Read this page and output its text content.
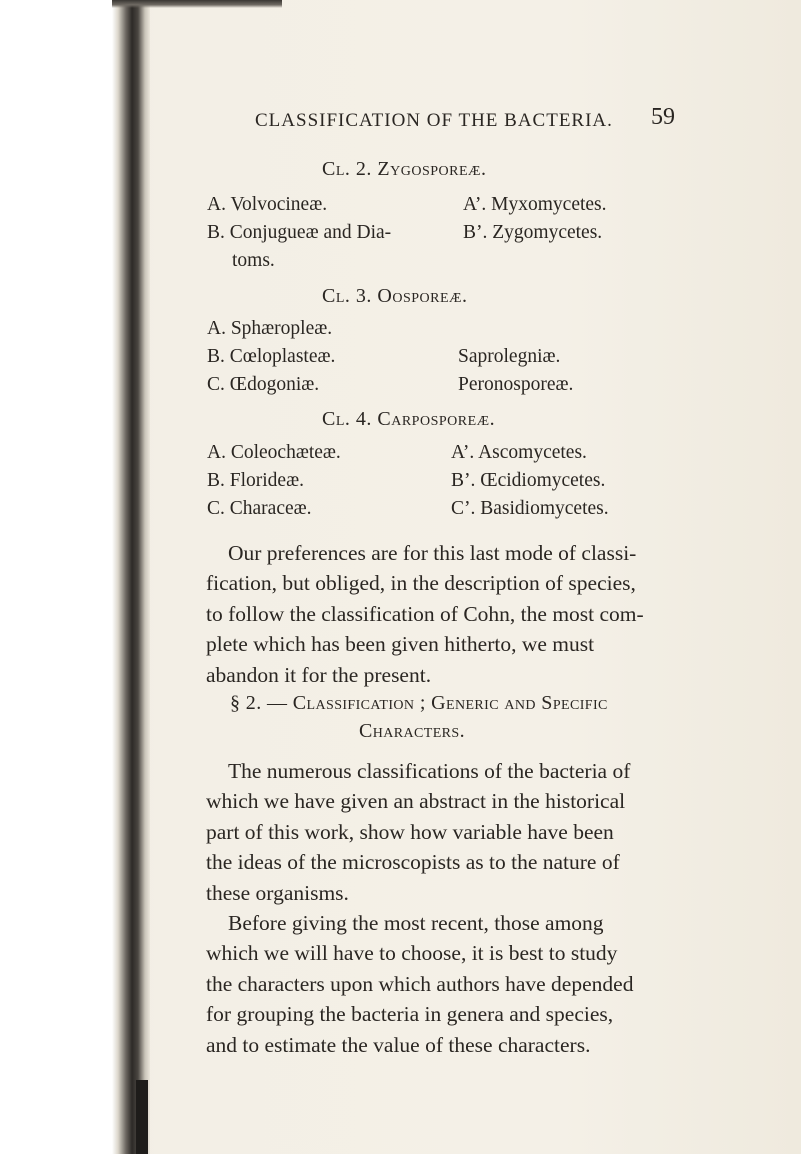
CLASSIFICATION OF THE BACTERIA. 59
Cl. 2. Zygosporeæ.
A. Volvocineæ.
B. Conjugueæ and Dia-
toms.
A’. Myxomycetes.
B’. Zygomycetes.
Cl. 3. Oosporeæ.
A. Sphæropleæ.
B. Cœloplasteæ.
C. Œdogoniæ.
Saprolegniæ.
Peronosporeæ.
Cl. 4. Carposporeæ.
A. Coleochæteæ.
B. Florideæ.
C. Characeæ.
A’. Ascomycetes.
B’. Œcidiomycetes.
C’. Basidiomycetes.
Our preferences are for this last mode of classi-
fication, but obliged, in the description of species,
to follow the classification of Cohn, the most com-
plete which has been given hitherto, we must
abandon it for the present.
§ 2. — Classification ; Generic and Specific
Characters.
The numerous classifications of the bacteria of
which we have given an abstract in the historical
part of this work, show how variable have been
the ideas of the microscopists as to the nature of
these organisms.
Before giving the most recent, those among
which we will have to choose, it is best to study
the characters upon which authors have depended
for grouping the bacteria in genera and species,
and to estimate the value of these characters.
